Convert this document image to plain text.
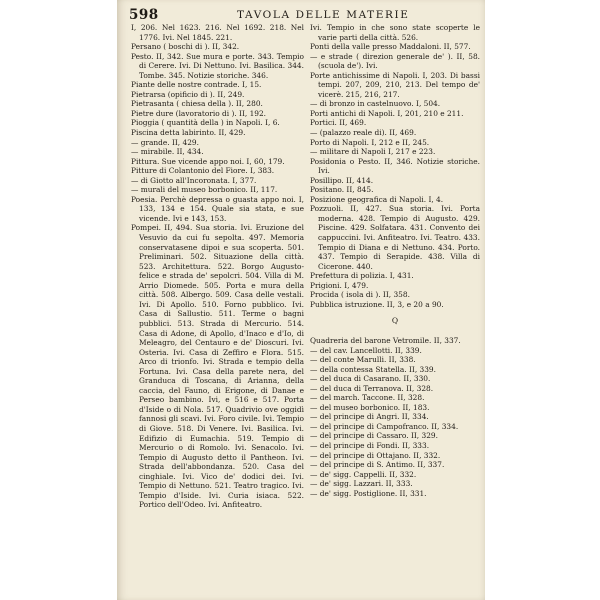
598	TAVOLA DELLE MATERIE

I, 206. Nel 1623. 216. Nel 1692. 218. Nel 1776. Ivi. Nel 1845. 221.

Persano ( boschi di ). II, 342.

Pesto. II, 342. Sue mura e porte. 343. Tempio di Cerere. Ivi. Di Nettuno. Ivi. Basilica. 344. Tombe. 345. Notizie storiche. 346.

Piante delle nostre contrade. I, 15.

Pietrarsa (opificio di ). II, 249.

Pietrasanta ( chiesa della ). II, 280.

Pietre dure (lavoratorio di ). II, 192.

Pioggia ( quantità della ) in Napoli. I, 6.

Piscina detta labirinto. II, 429.

— grande. II, 429.

— mirabile. II, 434.

Pittura. Sue vicende appo noi. I, 60, 179.

Pitture di Colantonio del Fiore. I, 383.

— di Giotto all'Incoronata. I, 377.

— murali del museo borbonico. II, 117.

Poesia. Perchè depressa o guasta appo noi. I, 133, 134 e 154. Quale sia stata, e sue vicende. Ivi e 143, 153.

Pompei. II, 494. Sua storia. Ivi. Eruzione del Vesuvio da cui fu sepolta. 497. Memoria conservatasene dipoi e sua scoperta. 501. Preliminari. 502. Situazione della città. 523. Architettura. 522. Borgo Augusto-felice e strada de' sepolcri. 504. Villa di M. Arrio Diomede. 505. Porta e mura della città. 508. Albergo. 509. Casa delle vestali. Ivi. Di Apollo. 510. Forno pubblico. Ivi. Casa di Sallustio. 511. Terme o bagni pubblici. 513. Strada di Mercurio. 514. Casa di Adone, di Apollo, d'Inaco e d'Io, di Meleagro, del Centauro e de' Dioscuri. Ivi. Osteria. Ivi. Casa di Zeffiro e Flora. 515. Arco di trionfo. Ivi. Strada e tempio della Fortuna. Ivi. Casa della parete nera, del Granduca di Toscana, di Arianna, della caccia, del Fauno, di Erigone, di Danae e Perseo bambino. Ivi, e 516 e 517. Porta d'Iside o di Nola. 517. Quadrivio ove oggidì fannosi gli scavi. Ivi. Foro civile. Ivi. Tempio di Giove. 518. Di Venere. Ivi. Basilica. Ivi. Edifizio di Eumachia. 519. Tempio di Mercurio o di Romolo. Ivi. Senacolo. Ivi. Tempio di Augusto detto il Pantheon. Ivi. Strada dell'abbondanza. 520. Casa del cinghiale. Ivi. Vico de' dodici dei. Ivi. Tempio di Nettuno. 521. Teatro tragico. Ivi. Tempio d'Iside. Ivi. Curia isiaca. 522. Portico dell'Odeo. Ivi. Anfiteatro.

Ivi. Tempio in che sono state scoperte le varie parti della città. 526.

Ponti della valle presso Maddaloni. II, 577.

— e strade ( direzion generale de' ). II, 58. (scuola de'). Ivi.

Porte antichissime di Napoli. I, 203. Di bassi tempi. 207, 209, 210, 213. Del tempo de' vicerè. 215, 216, 217.

— di bronzo in castelnuovo. I, 504.

Porti antichi di Napoli. I, 201, 210 e 211.

Portici. II, 469.

— (palazzo reale di). II, 469.

Porto di Napoli. I, 212 e II, 245.

— militare di Napoli I, 217 e 223.

Posidonia o Pesto. II, 346. Notizie storiche. Ivi.

Posillipo. II, 414.

Positano. II, 845.

Posizione geografica di Napoli. I, 4.

Pozzuoli. II, 427. Sua storia. Ivi. Porta moderna. 428. Tempio di Augusto. 429. Piscine. 429. Solfatara. 431. Convento dei cappuccini. Ivi. Anfiteatro. Ivi. Teatro. 433. Tempio di Diana e di Nettuno. 434. Porto. 437. Tempio di Serapide. 438. Villa di Cicerone. 440.

Prefettura di polizia. I, 431.

Prigioni. I, 479.

Procida ( isola di ). II, 358.

Pubblica istruzione. II, 3, e 20 a 90.

Q

Quadreria del barone Vetromile. II, 337.

— del cav. Lancellotti. II, 339.

— del conte Marulli. II, 338.

— della contessa Statella. II, 339.

— del duca di Casarano. II, 330.

— del duca di Terranova. II, 328.

— del march. Taccone. II, 328.

— del museo borbonico. II, 183.

— del principe di Angri. II, 334.

— del principe di Campofranco. II, 334.

— del principe di Cassaro. II, 329.

— del principe di Fondi. II, 333.

— del principe di Ottajano. II, 332.

— del principe di S. Antimo. II, 337.

— de' sigg. Cappelli. II, 332.

— de' sigg. Lazzari. II, 333.

— de' sigg. Postiglione. II, 331.
